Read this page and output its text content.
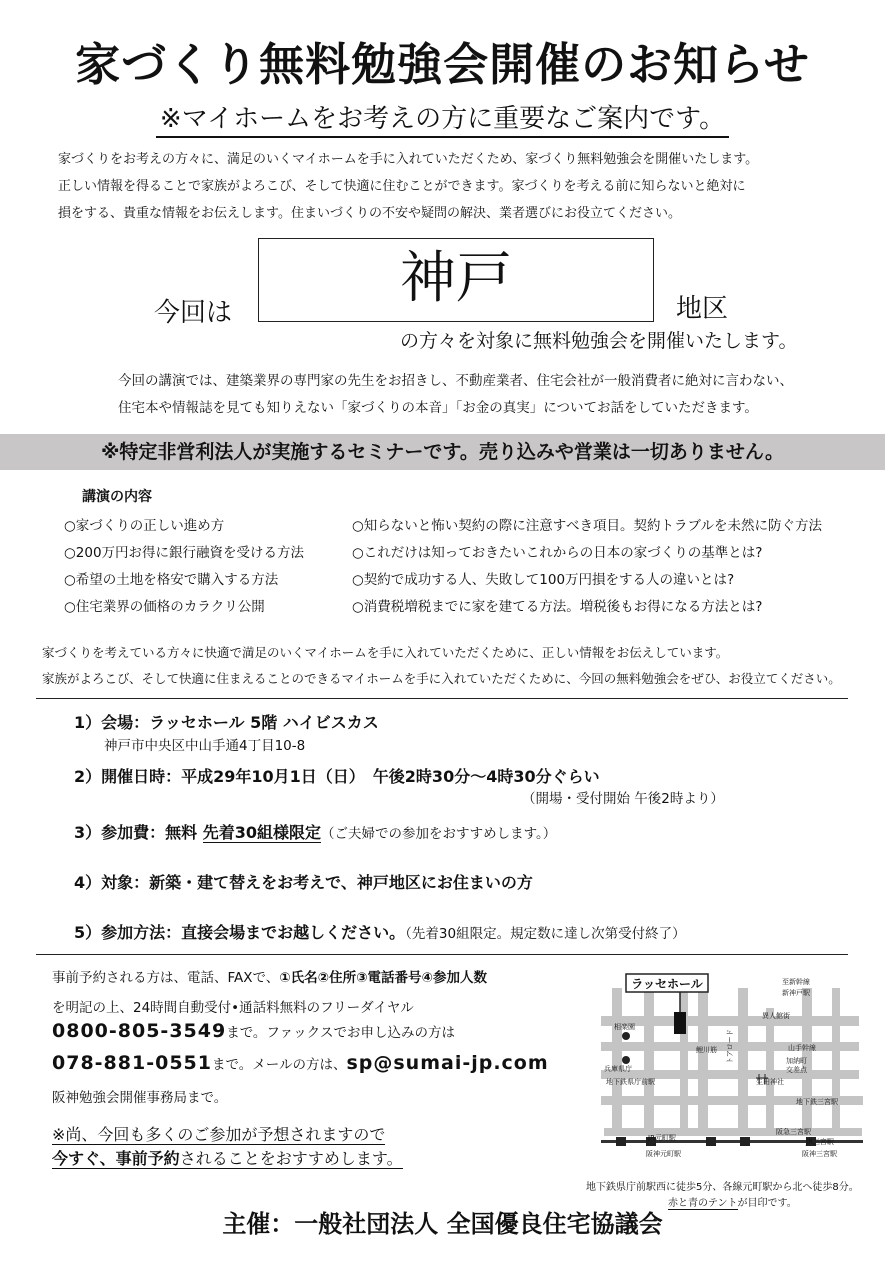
家づくり無料勉強会開催のお知らせ
※マイホームをお考えの方に重要なご案内です。
家づくりをお考えの方々に、満足のいくマイホームを手に入れていただくため、家づくり無料勉強会を開催いたします。
正しい情報を得ることで家族がよろこび、そして快適に住むことができます。家づくりを考える前に知らないと絶対に
損をする、貴重な情報をお伝えします。住まいづくりの不安や疑問の解決、業者選びにお役立てください。
今回は
神戸	地区
の方々を対象に無料勉強会を開催いたします。
今回の講演では、建築業界の専門家の先生をお招きし、不動産業者、住宅会社が一般消費者に絶対に言わない、
住宅本や情報誌を見ても知りえない「家づくりの本音」「お金の真実」についてお話をしていただきます。
※特定非営利法人が実施するセミナーです。売り込みや営業は一切ありません。
講演の内容
○家づくりの正しい進め方
○200万円お得に銀行融資を受ける方法
○希望の土地を格安で購入する方法
○住宅業界の価格のカラクリ公開
○知らないと怖い契約の際に注意すべき項目。契約トラブルを未然に防ぐ方法
○これだけは知っておきたいこれからの日本の家づくりの基準とは?
○契約で成功する人、失敗して100万円損をする人の違いとは?
○消費税増税までに家を建てる方法。増税後もお得になる方法とは?
家づくりを考えている方々に快適で満足のいくマイホームを手に入れていただくために、正しい情報をお伝えしています。
家族がよろこび、そして快適に住まえることのできるマイホームを手に入れていただくために、今回の無料勉強会をぜひ、お役立てください。
1）会場：ラッセホール 5階 ハイビスカス
神戸市中央区中山手通4丁目10-8
2）開催日時：平成29年10月1日（日）　午後2時30分～4時30分ぐらい
（開場・受付開始 午後2時より）
3）参加費：無料 先着30組様限定（ご夫婦での参加をおすすめします。）
4）対象：新築・建て替えをお考えで、神戸地区にお住まいの方
5）参加方法：直接会場までお越しください。（先着30組限定。規定数に達し次第受付終了）
事前予約される方は、電話、FAXで、①氏名②住所③電話番号④参加人数
を明記の上、24時間自動受付•通話料無料のフリーダイヤル
0800-805-3549まで。ファックスでお申し込みの方は
078-881-0551まで。メールの方は、sp@sumai-jp.com
阪神勉強会開催事務局まで。
※尚、今回も多くのご参加が予想されますので
今すぐ、事前予約されることをおすすめします。
ラッセホール	至新幹線
新神戸駅
異人館街
相楽園
兵庫県庁
山手幹線
加納町
交差点
地下鉄県庁前駅
トアロード
鯉川筋
生田神社
地下鉄三宮駅
JR元町駅
阪急三宮駅
JR三宮駅
阪神元町駅	阪神三宮駅
地下鉄県庁前駅西に徒歩5分、各線元町駅から北へ徒歩8分。
赤と青のテントが目印です。
主催：一般社団法人 全国優良住宅協議会
